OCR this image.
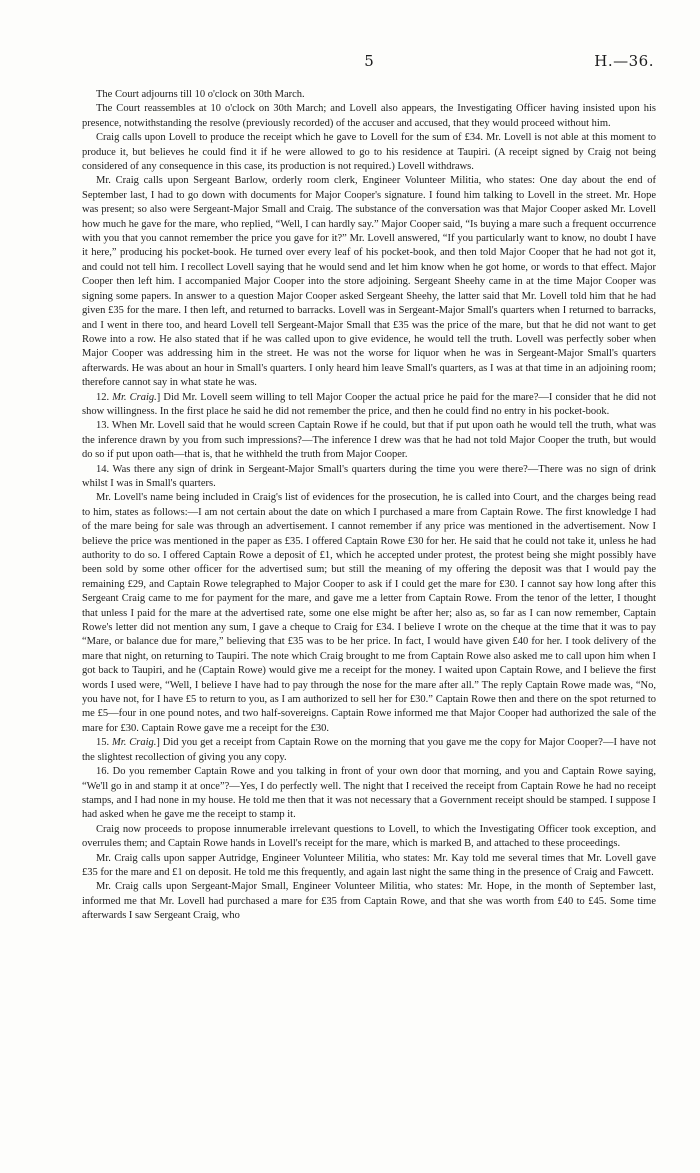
5	H.—36.

The Court adjourns till 10 o'clock on 30th March.

The Court reassembles at 10 o'clock on 30th March; and Lovell also appears, the Investigating Officer having insisted upon his presence, notwithstanding the resolve (previously recorded) of the accuser and accused, that they would proceed without him.

Craig calls upon Lovell to produce the receipt which he gave to Lovell for the sum of £34. Mr. Lovell is not able at this moment to produce it, but believes he could find it if he were allowed to go to his residence at Taupiri. (A receipt signed by Craig not being considered of any consequence in this case, its production is not required.) Lovell withdraws.

Mr. Craig calls upon Sergeant Barlow, orderly room clerk, Engineer Volunteer Militia, who states: One day about the end of September last, I had to go down with documents for Major Cooper's signature. I found him talking to Lovell in the street. Mr. Hope was present; so also were Sergeant-Major Small and Craig. The substance of the conversation was that Major Cooper asked Mr. Lovell how much he gave for the mare, who replied, “Well, I can hardly say.” Major Cooper said, “Is buying a mare such a frequent occurrence with you that you cannot remember the price you gave for it?” Mr. Lovell answered, “If you particularly want to know, no doubt I have it here,” producing his pocket-book. He turned over every leaf of his pocket-book, and then told Major Cooper that he had not got it, and could not tell him. I recollect Lovell saying that he would send and let him know when he got home, or words to that effect. Major Cooper then left him. I accompanied Major Cooper into the store adjoining. Sergeant Sheehy came in at the time Major Cooper was signing some papers. In answer to a question Major Cooper asked Sergeant Sheehy, the latter said that Mr. Lovell told him that he had given £35 for the mare. I then left, and returned to barracks. Lovell was in Sergeant-Major Small's quarters when I returned to barracks, and I went in there too, and heard Lovell tell Sergeant-Major Small that £35 was the price of the mare, but that he did not want to get Rowe into a row. He also stated that if he was called upon to give evidence, he would tell the truth. Lovell was perfectly sober when Major Cooper was addressing him in the street. He was not the worse for liquor when he was in Sergeant-Major Small's quarters afterwards. He was about an hour in Small's quarters. I only heard him leave Small's quarters, as I was at that time in an adjoining room; therefore cannot say in what state he was.

12. Mr. Craig.] Did Mr. Lovell seem willing to tell Major Cooper the actual price he paid for the mare?—I consider that he did not show willingness. In the first place he said he did not remember the price, and then he could find no entry in his pocket-book.

13. When Mr. Lovell said that he would screen Captain Rowe if he could, but that if put upon oath he would tell the truth, what was the inference drawn by you from such impressions?—The inference I drew was that he had not told Major Cooper the truth, but would do so if put upon oath—that is, that he withheld the truth from Major Cooper.

14. Was there any sign of drink in Sergeant-Major Small's quarters during the time you were there?—There was no sign of drink whilst I was in Small's quarters.

Mr. Lovell's name being included in Craig's list of evidences for the prosecution, he is called into Court, and the charges being read to him, states as follows:—I am not certain about the date on which I purchased a mare from Captain Rowe. The first knowledge I had of the mare being for sale was through an advertisement. I cannot remember if any price was mentioned in the advertisement. Now I believe the price was mentioned in the paper as £35. I offered Captain Rowe £30 for her. He said that he could not take it, unless he had authority to do so. I offered Captain Rowe a deposit of £1, which he accepted under protest, the protest being she might possibly have been sold by some other officer for the advertised sum; but still the meaning of my offering the deposit was that I would pay the remaining £29, and Captain Rowe telegraphed to Major Cooper to ask if I could get the mare for £30. I cannot say how long after this Sergeant Craig came to me for payment for the mare, and gave me a letter from Captain Rowe. From the tenor of the letter, I thought that unless I paid for the mare at the advertised rate, some one else might be after her; also as, so far as I can now remember, Captain Rowe's letter did not mention any sum, I gave a cheque to Craig for £34. I believe I wrote on the cheque at the time that it was to pay “Mare, or balance due for mare,” believing that £35 was to be her price. In fact, I would have given £40 for her. I took delivery of the mare that night, on returning to Taupiri. The note which Craig brought to me from Captain Rowe also asked me to call upon him when I got back to Taupiri, and he (Captain Rowe) would give me a receipt for the money. I waited upon Captain Rowe, and I believe the first words I used were, “Well, I believe I have had to pay through the nose for the mare after all.” The reply Captain Rowe made was, “No, you have not, for I have £5 to return to you, as I am authorized to sell her for £30.” Captain Rowe then and there on the spot returned to me £5—four in one pound notes, and two half-sovereigns. Captain Rowe informed me that Major Cooper had authorized the sale of the mare for £30. Captain Rowe gave me a receipt for the £30.

15. Mr. Craig.] Did you get a receipt from Captain Rowe on the morning that you gave me the copy for Major Cooper?—I have not the slightest recollection of giving you any copy.

16. Do you remember Captain Rowe and you talking in front of your own door that morning, and you and Captain Rowe saying, “We'll go in and stamp it at once”?—Yes, I do perfectly well. The night that I received the receipt from Captain Rowe he had no receipt stamps, and I had none in my house. He told me then that it was not necessary that a Government receipt should be stamped. I suppose I had asked when he gave me the receipt to stamp it.

Craig now proceeds to propose innumerable irrelevant questions to Lovell, to which the Investigating Officer took exception, and overrules them; and Captain Rowe hands in Lovell's receipt for the mare, which is marked B, and attached to these proceedings.

Mr. Craig calls upon sapper Autridge, Engineer Volunteer Militia, who states: Mr. Kay told me several times that Mr. Lovell gave £35 for the mare and £1 on deposit. He told me this frequently, and again last night the same thing in the presence of Craig and Fawcett.

Mr. Craig calls upon Sergeant-Major Small, Engineer Volunteer Militia, who states: Mr. Hope, in the month of September last, informed me that Mr. Lovell had purchased a mare for £35 from Captain Rowe, and that she was worth from £40 to £45. Some time afterwards I saw Sergeant Craig, who
